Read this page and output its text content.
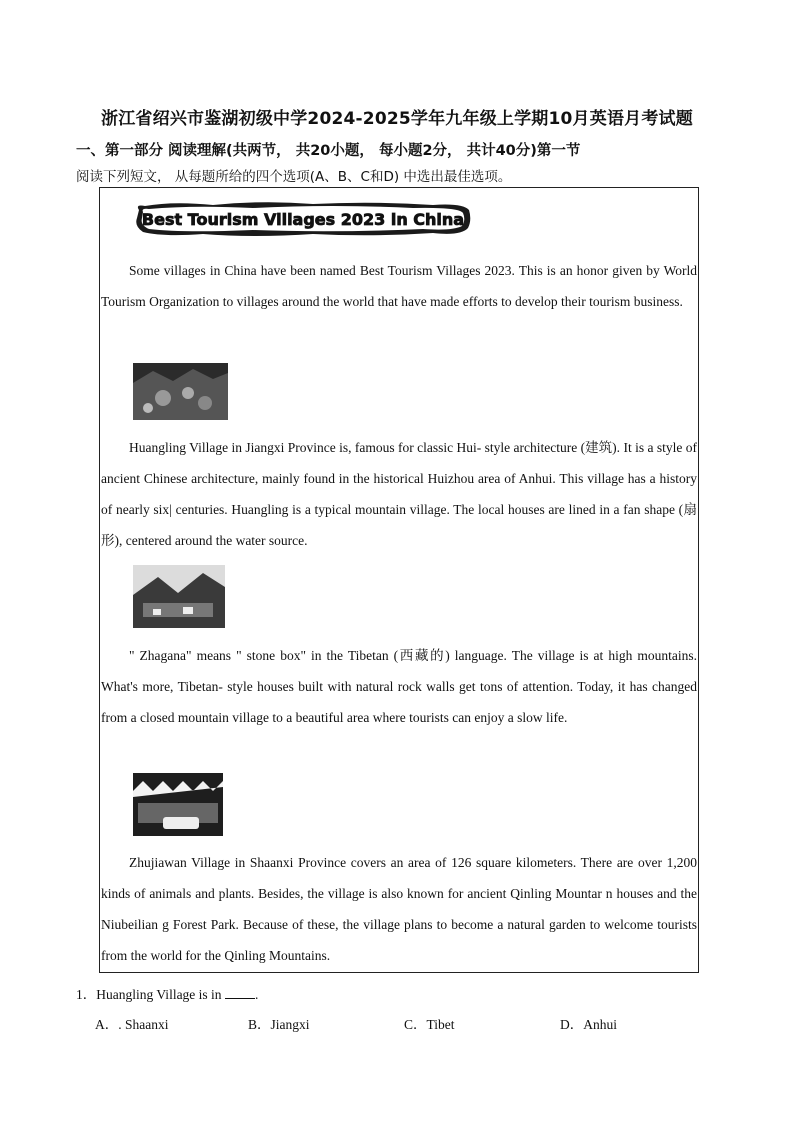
浙江省绍兴市鉴湖初级中学2024-2025学年九年级上学期10月英语月考试题
一、第一部分 阅读理解(共两节， 共20小题， 每小题2分， 共计40分)第一节
阅读下列短文， 从每题所给的四个选项(A、B、C和D) 中选出最佳选项。
Best Tourism Villages 2023 in China

Some villages in China have been named Best Tourism Villages 2023. This is an honor given by World Tourism Organization to villages around the world that have made efforts to develop their tourism business.

Huangling Village in Jiangxi Province is, famous for classic Hui- style architecture (建筑). It is a style of ancient Chinese architecture, mainly found in the historical Huizhou area of Anhui. This village has a history of nearly six| centuries. Huangling is a typical mountain village. The local houses are lined in a fan shape (扇形), centered around the water source.

" Zhagana" means " stone box" in the Tibetan (西藏的) language. The village is at high mountains. What's more, Tibetan- style houses built with natural rock walls get tons of attention. Today, it has changed from a closed mountain village to a beautiful area where tourists can enjoy a slow life.

Zhujiawan Village in Shaanxi Province covers an area of 126 square kilometers. There are over 1,200 kinds of animals and plants. Besides, the village is also known for ancient Qinling Mountar n houses and the Niubeilian g Forest Park. Because of these, the village plans to become a natural garden to welcome tourists from the world for the Qinling Mountains.

1．Huangling Village is in .
A．. Shaanxi	B．Jiangxi	C．Tibet	D．Anhui
